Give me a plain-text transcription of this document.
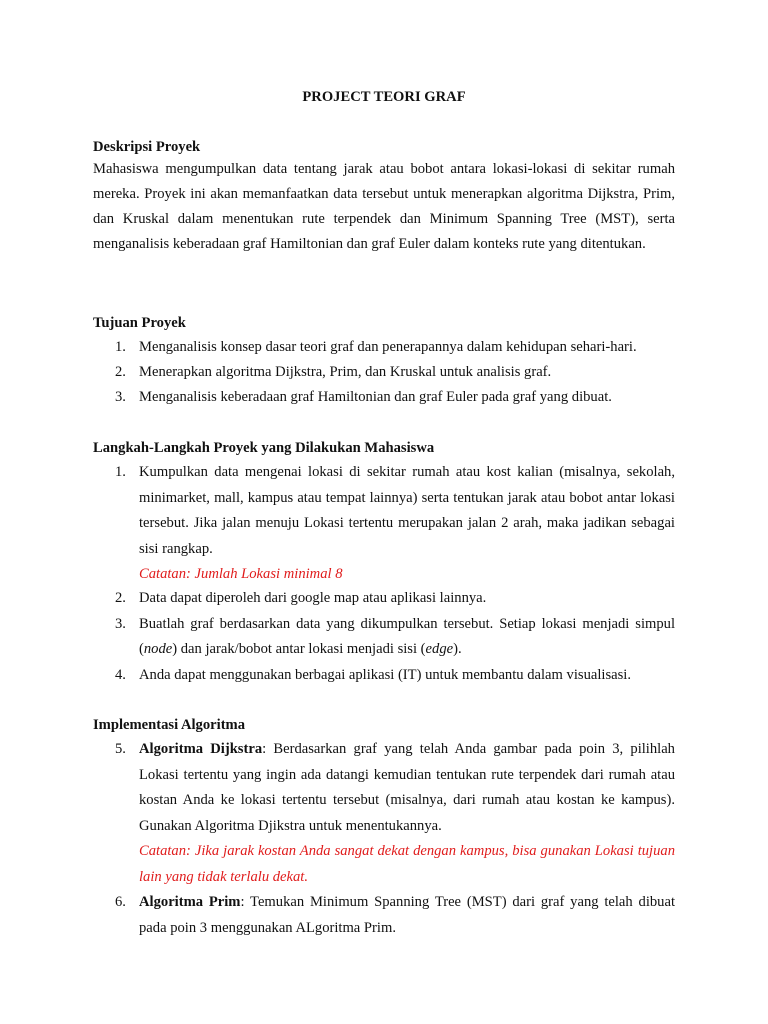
PROJECT TEORI GRAF
Deskripsi Proyek

Mahasiswa mengumpulkan data tentang jarak atau bobot antara lokasi-lokasi di sekitar rumah mereka. Proyek ini akan memanfaatkan data tersebut untuk menerapkan algoritma Dijkstra, Prim, dan Kruskal dalam menentukan rute terpendek dan Minimum Spanning Tree (MST), serta menganalisis keberadaan graf Hamiltonian dan graf Euler dalam konteks rute yang ditentukan.

Tujuan Proyek
1. Menganalisis konsep dasar teori graf dan penerapannya dalam kehidupan sehari-hari.
2. Menerapkan algoritma Dijkstra, Prim, dan Kruskal untuk analisis graf.
3. Menganalisis keberadaan graf Hamiltonian dan graf Euler pada graf yang dibuat.
Langkah-Langkah Proyek yang Dilakukan Mahasiswa
1. Kumpulkan data mengenai lokasi di sekitar rumah atau kost kalian (misalnya, sekolah, minimarket, mall, kampus atau tempat lainnya) serta tentukan jarak atau bobot antar lokasi tersebut. Jika jalan menuju Lokasi tertentu merupakan jalan 2 arah, maka jadikan sebagai sisi rangkap.
Catatan: Jumlah Lokasi minimal 8
2. Data dapat diperoleh dari google map atau aplikasi lainnya.
3. Buatlah graf berdasarkan data yang dikumpulkan tersebut. Setiap lokasi menjadi simpul (node) dan jarak/bobot antar lokasi menjadi sisi (edge).
4. Anda dapat menggunakan berbagai aplikasi (IT) untuk membantu dalam visualisasi.
Implementasi Algoritma
5. Algoritma Dijkstra: Berdasarkan graf yang telah Anda gambar pada poin 3, pilihlah Lokasi tertentu yang ingin ada datangi kemudian tentukan rute terpendek dari rumah atau kostan Anda ke lokasi tertentu tersebut (misalnya, dari rumah atau kostan ke kampus). Gunakan Algoritma Djikstra untuk menentukannya.
Catatan: Jika jarak kostan Anda sangat dekat dengan kampus, bisa gunakan Lokasi tujuan lain yang tidak terlalu dekat.
6. Algoritma Prim: Temukan Minimum Spanning Tree (MST) dari graf yang telah dibuat pada poin 3 menggunakan ALgoritma Prim.
